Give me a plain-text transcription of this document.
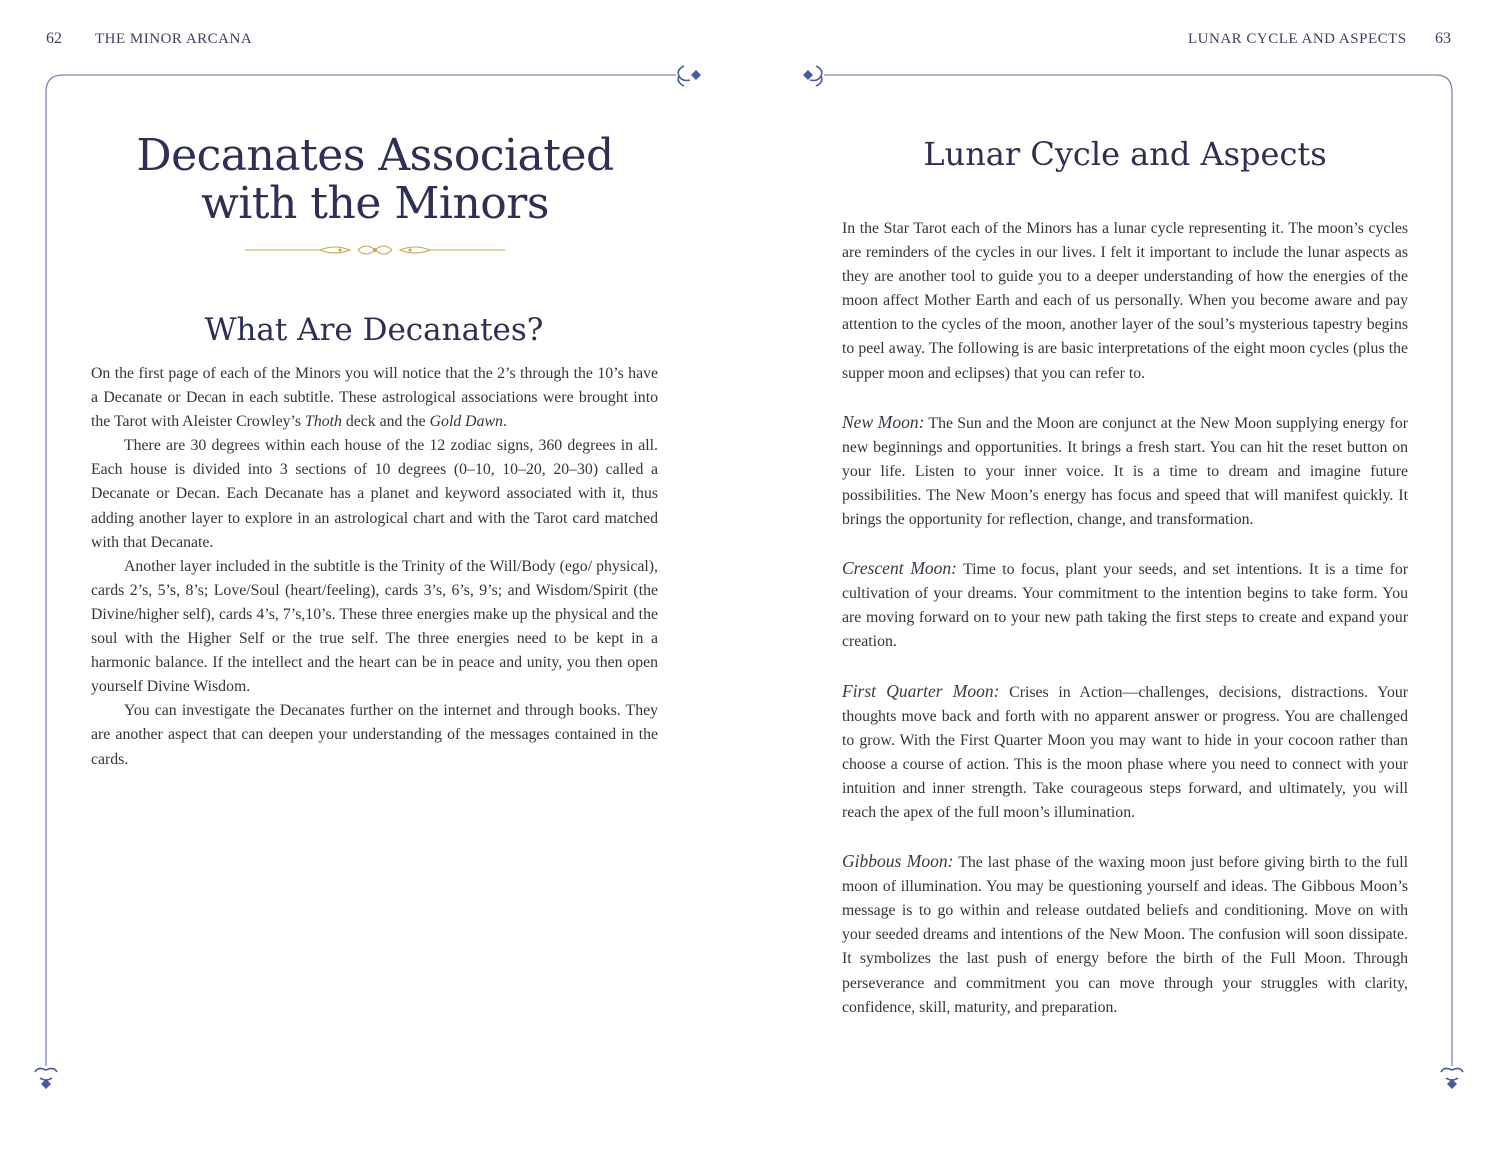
62 THE MINOR ARCANA	LUNAR CYCLE AND ASPECTS 63
Decanates Associated
with the Minors
What Are Decanates?

On the first page of each of the Minors you will notice that the 2’s through the 10’s have a Decanate or Decan in each subtitle. These astrological associations were brought into the Tarot with Aleister Crowley’s Thoth deck and the Gold Dawn.

There are 30 degrees within each house of the 12 zodiac signs, 360 degrees in all. Each house is divided into 3 sections of 10 degrees (0–10, 10–20, 20–30) called a Decanate or Decan. Each Decanate has a planet and keyword associated with it, thus adding another layer to explore in an astrological chart and with the Tarot card matched with that Decanate.

Another layer included in the subtitle is the Trinity of the Will/Body (ego/ physical), cards 2’s, 5’s, 8’s; Love/Soul (heart/feeling), cards 3’s, 6’s, 9’s; and Wisdom/Spirit (the Divine/higher self), cards 4’s, 7’s,10’s. These three energies make up the physical and the soul with the Higher Self or the true self. The three energies need to be kept in a harmonic balance. If the intellect and the heart can be in peace and unity, you then open yourself Divine Wisdom.

You can investigate the Decanates further on the internet and through books. They are another aspect that can deepen your understanding of the messages contained in the cards.

Lunar Cycle and Aspects

In the Star Tarot each of the Minors has a lunar cycle representing it. The moon’s cycles are reminders of the cycles in our lives. I felt it important to include the lunar aspects as they are another tool to guide you to a deeper understanding of how the energies of the moon affect Mother Earth and each of us personally. When you become aware and pay attention to the cycles of the moon, another layer of the soul’s mysterious tapestry begins to peel away. The following is are basic interpretations of the eight moon cycles (plus the supper moon and eclipses) that you can refer to.

New Moon: The Sun and the Moon are conjunct at the New Moon supplying energy for new beginnings and opportunities. It brings a fresh start. You can hit the reset button on your life. Listen to your inner voice. It is a time to dream and imagine future possibilities. The New Moon’s energy has focus and speed that will manifest quickly. It brings the opportunity for reflection, change, and transformation.

Crescent Moon: Time to focus, plant your seeds, and set intentions. It is a time for cultivation of your dreams. Your commitment to the intention begins to take form. You are moving forward on to your new path taking the first steps to create and expand your creation.

First Quarter Moon: Crises in Action—challenges, decisions, distractions. Your thoughts move back and forth with no apparent answer or progress. You are challenged to grow. With the First Quarter Moon you may want to hide in your cocoon rather than choose a course of action. This is the moon phase where you need to connect with your intuition and inner strength. Take courageous steps forward, and ultimately, you will reach the apex of the full moon’s illumination.

Gibbous Moon: The last phase of the waxing moon just before giving birth to the full moon of illumination. You may be questioning yourself and ideas. The Gibbous Moon’s message is to go within and release outdated beliefs and conditioning. Move on with your seeded dreams and intentions of the New Moon. The confusion will soon dissipate. It symbolizes the last push of energy before the birth of the Full Moon. Through perseverance and commitment you can move through your struggles with clarity, confidence, skill, maturity, and preparation.
